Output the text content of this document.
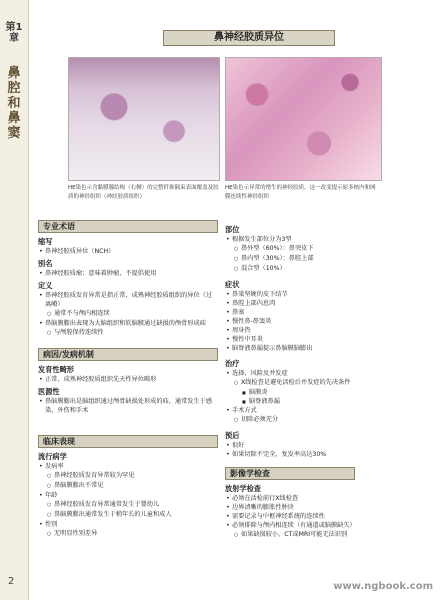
第1章
鼻腔和鼻窦
2
鼻神经胶质异位
HE染色示含黏膜腺结构（右侧）的完整纤维隔束表面覆盖及胶质的神经组织（神经胶质组织）
HE染色示异常的增生的神经胶质。这一改变提示原多核内和网膜连续性神经组织
专业术语
缩写
• 鼻神经胶质异位（NCH）
别名
• 鼻神经胶质瘤；意味着肿瘤，不提倡使用
定义
• 鼻神经胶质发育异常是指正常、成熟神经胶质组织的异位（过离嵴）
○ 通常不与颅内相连续
• 鼻脑膜膨出表现为大脑组织和软脑膜通过缺损的颅骨形成疝
○ 与颅腔保持连续性
病因/发病机制
发育性畸形
• 正常、成熟神经胶质组织先天性异位畸形
医源性
• 鼻脑膜膨出是脑组织通过颅骨缺损处形成的疝，通常发生于感染、外伤和手术
临床表现
流行病学
• 发病率
○ 鼻神经胶质发育异常较为罕见
○ 鼻脑膜膨出不常见
• 年龄
○ 鼻神经胶质发育异常通常发生于婴幼儿
○ 鼻脑膜膨出通常发生于稍年长的儿童和成人
• 性别
○ 无明显性别差异
部位
• 根据发生部位分为3型
○ 鼻外型（60%）：鼻突皮下
○ 鼻内型（30%）：鼻腔上部
○ 混合型（10%）
症状
• 鼻梁坚硬的皮下结节
• 鼻腔上部内息肉
• 鼻塞
• 慢性鼻-鼻窦炎
• 周身热
• 慢性中耳炎
• 脑脊液鼻漏提示鼻脑膜脑膨出
治疗
• 选择，风险及并发症
○ X线检查是避免活检后并发症的先决条件
■ 脑膜炎
■ 脑脊液鼻漏
• 手术方式
○ 切除必须充分
预后
• 很好
• 如果切除不完全，复发率高达30%
影像学检查
放射学检查
• 必须在活检前行X线检查
• 边界清晰的膨胀性肿块
• 需要记录与中枢神经系统的连续性
• 必须排除与颅内相连续（有通道或脑膜缺失）
○ 如果缺损较小，CT或MRI可能无法识别
www.ngbook.com
